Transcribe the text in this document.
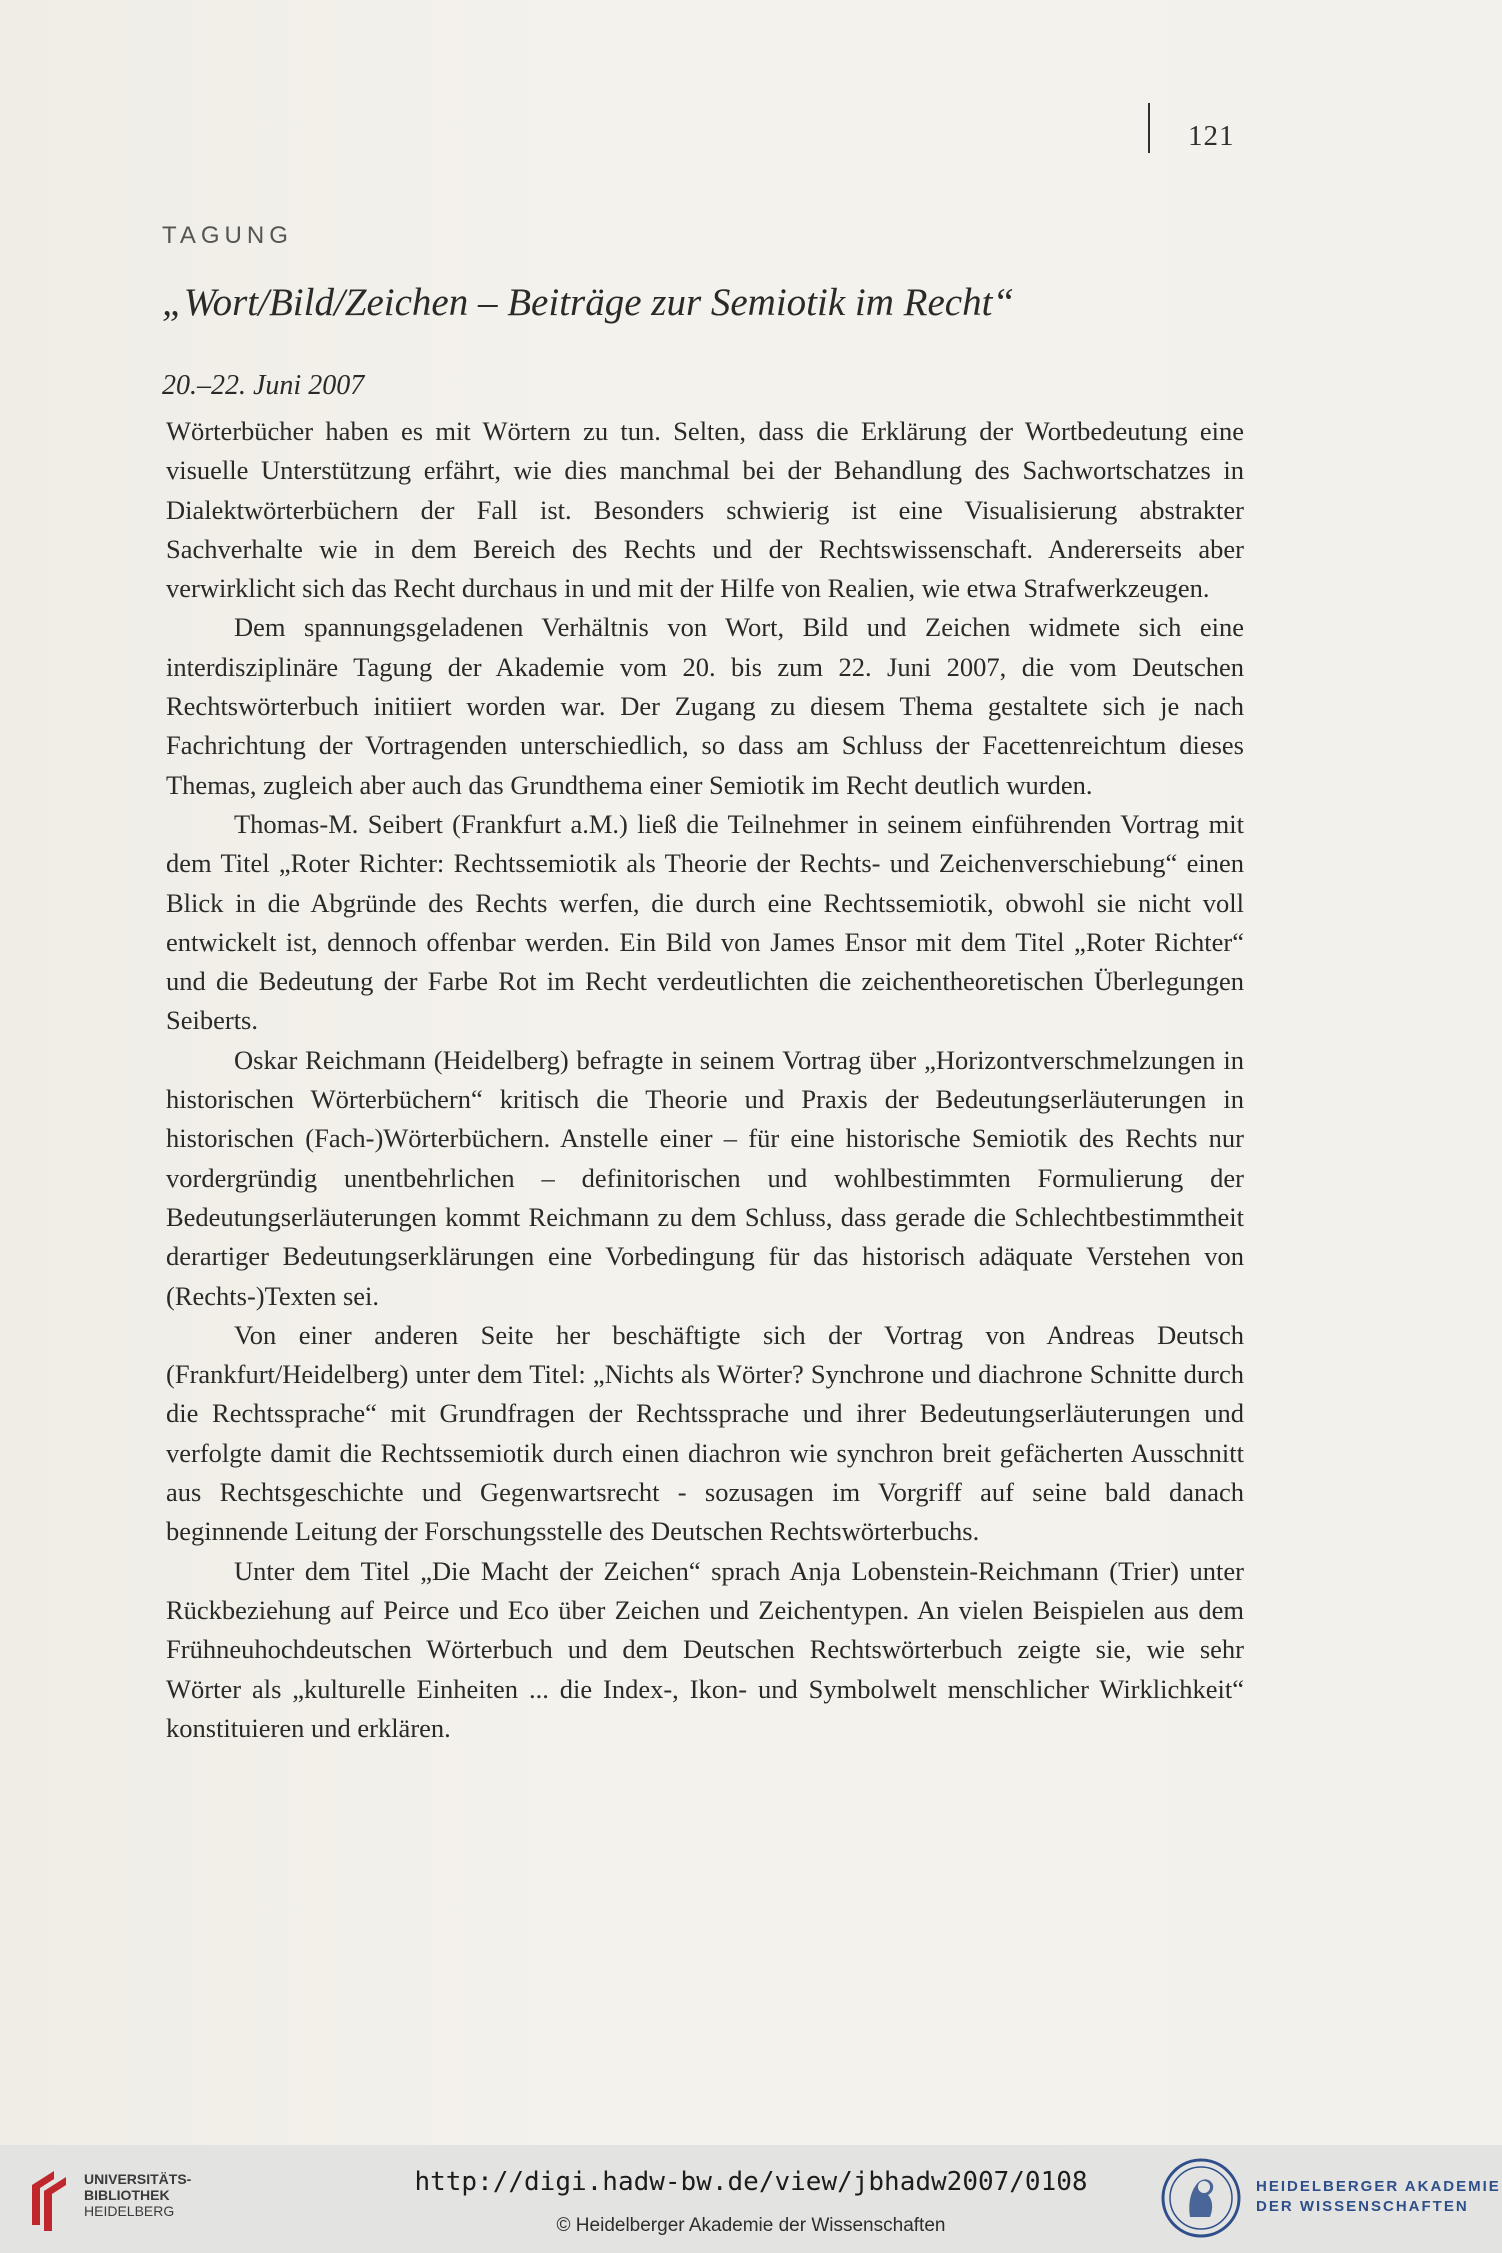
121
TAGUNG
„Wort/Bild/Zeichen – Beiträge zur Semiotik im Recht“
20.–22. Juni 2007

Wörterbücher haben es mit Wörtern zu tun. Selten, dass die Erklärung der Wortbedeutung eine visuelle Unterstützung erfährt, wie dies manchmal bei der Behandlung des Sachwortschatzes in Dialektwörterbüchern der Fall ist. Besonders schwierig ist eine Visualisierung abstrakter Sachverhalte wie in dem Bereich des Rechts und der Rechtswissenschaft. Andererseits aber verwirklicht sich das Recht durchaus in und mit der Hilfe von Realien, wie etwa Strafwerkzeugen.

Dem spannungsgeladenen Verhältnis von Wort, Bild und Zeichen widmete sich eine interdisziplinäre Tagung der Akademie vom 20. bis zum 22. Juni 2007, die vom Deutschen Rechtswörterbuch initiiert worden war. Der Zugang zu diesem Thema gestaltete sich je nach Fachrichtung der Vortragenden unterschiedlich, so dass am Schluss der Facettenreichtum dieses Themas, zugleich aber auch das Grundthema einer Semiotik im Recht deutlich wurden.

Thomas-M. Seibert (Frankfurt a.M.) ließ die Teilnehmer in seinem einführenden Vortrag mit dem Titel „Roter Richter: Rechtssemiotik als Theorie der Rechts- und Zeichenverschiebung“ einen Blick in die Abgründe des Rechts werfen, die durch eine Rechtssemiotik, obwohl sie nicht voll entwickelt ist, dennoch offenbar werden. Ein Bild von James Ensor mit dem Titel „Roter Richter“ und die Bedeutung der Farbe Rot im Recht verdeutlichten die zeichentheoretischen Überlegungen Seiberts.

Oskar Reichmann (Heidelberg) befragte in seinem Vortrag über „Horizontverschmelzungen in historischen Wörterbüchern“ kritisch die Theorie und Praxis der Bedeutungserläuterungen in historischen (Fach-)Wörterbüchern. Anstelle einer – für eine historische Semiotik des Rechts nur vordergründig unentbehrlichen – definitorischen und wohlbestimmten Formulierung der Bedeutungserläuterungen kommt Reichmann zu dem Schluss, dass gerade die Schlechtbestimmtheit derartiger Bedeutungserklärungen eine Vorbedingung für das historisch adäquate Verstehen von (Rechts-)Texten sei.

Von einer anderen Seite her beschäftigte sich der Vortrag von Andreas Deutsch (Frankfurt/Heidelberg) unter dem Titel: „Nichts als Wörter? Synchrone und diachrone Schnitte durch die Rechtssprache“ mit Grundfragen der Rechtssprache und ihrer Bedeutungserläuterungen und verfolgte damit die Rechtssemiotik durch einen diachron wie synchron breit gefächerten Ausschnitt aus Rechtsgeschichte und Gegenwartsrecht - sozusagen im Vorgriff auf seine bald danach beginnende Leitung der Forschungsstelle des Deutschen Rechtswörterbuchs.

Unter dem Titel „Die Macht der Zeichen“ sprach Anja Lobenstein-Reichmann (Trier) unter Rückbeziehung auf Peirce und Eco über Zeichen und Zeichentypen. An vielen Beispielen aus dem Frühneuhochdeutschen Wörterbuch und dem Deutschen Rechtswörterbuch zeigte sie, wie sehr Wörter als „kulturelle Einheiten ... die Index-, Ikon- und Symbolwelt menschlicher Wirklichkeit“ konstituieren und erklären.

UNIVERSITÄTS-
BIBLIOTHEK
HEIDELBERG
http://digi.hadw-bw.de/view/jbhadw2007/0108
© Heidelberger Akademie der Wissenschaften
HEIDELBERGER AKADEMIE
DER WISSENSCHAFTEN
